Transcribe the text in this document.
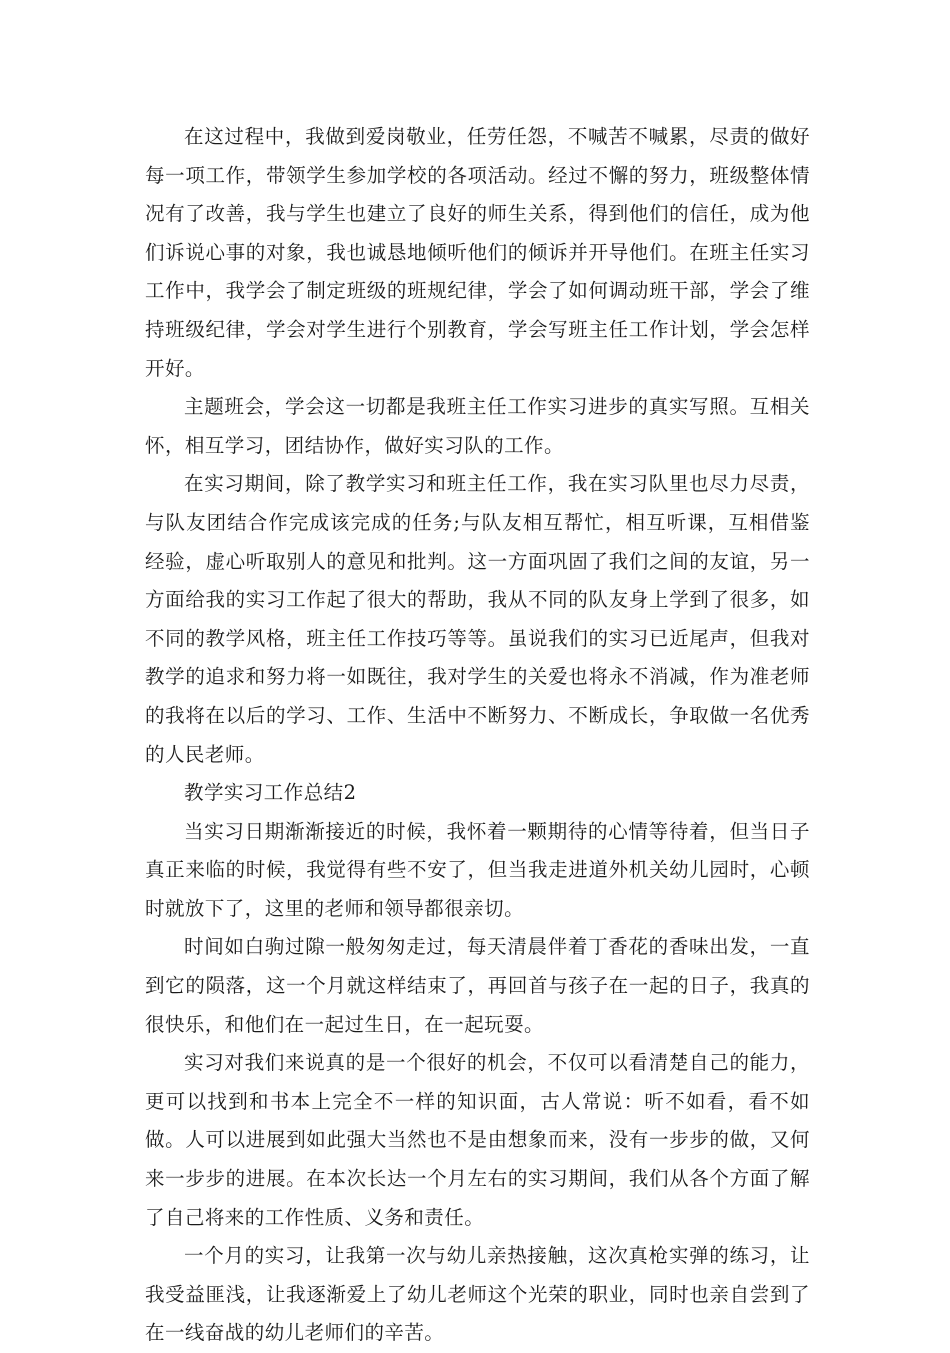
在这过程中，我做到爱岗敬业，任劳任怨，不喊苦不喊累，尽责的做好每一项工作，带领学生参加学校的各项活动。经过不懈的努力，班级整体情况有了改善，我与学生也建立了良好的师生关系，得到他们的信任，成为他们诉说心事的对象，我也诚恳地倾听他们的倾诉并开导他们。在班主任实习工作中，我学会了制定班级的班规纪律，学会了如何调动班干部，学会了维持班级纪律，学会对学生进行个别教育，学会写班主任工作计划，学会怎样开好。

主题班会，学会这一切都是我班主任工作实习进步的真实写照。互相关怀，相互学习，团结协作，做好实习队的工作。

在实习期间，除了教学实习和班主任工作，我在实习队里也尽力尽责，与队友团结合作完成该完成的任务;与队友相互帮忙，相互听课，互相借鉴经验，虚心听取别人的意见和批判。这一方面巩固了我们之间的友谊，另一方面给我的实习工作起了很大的帮助，我从不同的队友身上学到了很多，如不同的教学风格，班主任工作技巧等等。虽说我们的实习已近尾声，但我对教学的追求和努力将一如既往，我对学生的关爱也将永不消减，作为准老师的我将在以后的学习、工作、生活中不断努力、不断成长，争取做一名优秀的人民老师。

教学实习工作总结2

当实习日期渐渐接近的时候，我怀着一颗期待的心情等待着，但当日子真正来临的时候，我觉得有些不安了，但当我走进道外机关幼儿园时，心顿时就放下了，这里的老师和领导都很亲切。

时间如白驹过隙一般匆匆走过，每天清晨伴着丁香花的香味出发，一直到它的陨落，这一个月就这样结束了，再回首与孩子在一起的日子，我真的很快乐，和他们在一起过生日，在一起玩耍。

实习对我们来说真的是一个很好的机会，不仅可以看清楚自己的能力，更可以找到和书本上完全不一样的知识面，古人常说：听不如看，看不如做。人可以进展到如此强大当然也不是由想象而来，没有一步步的做，又何来一步步的进展。在本次长达一个月左右的实习期间，我们从各个方面了解了自己将来的工作性质、义务和责任。

一个月的实习，让我第一次与幼儿亲热接触，这次真枪实弹的练习，让我受益匪浅，让我逐渐爱上了幼儿老师这个光荣的职业，同时也亲自尝到了在一线奋战的幼儿老师们的辛苦。
